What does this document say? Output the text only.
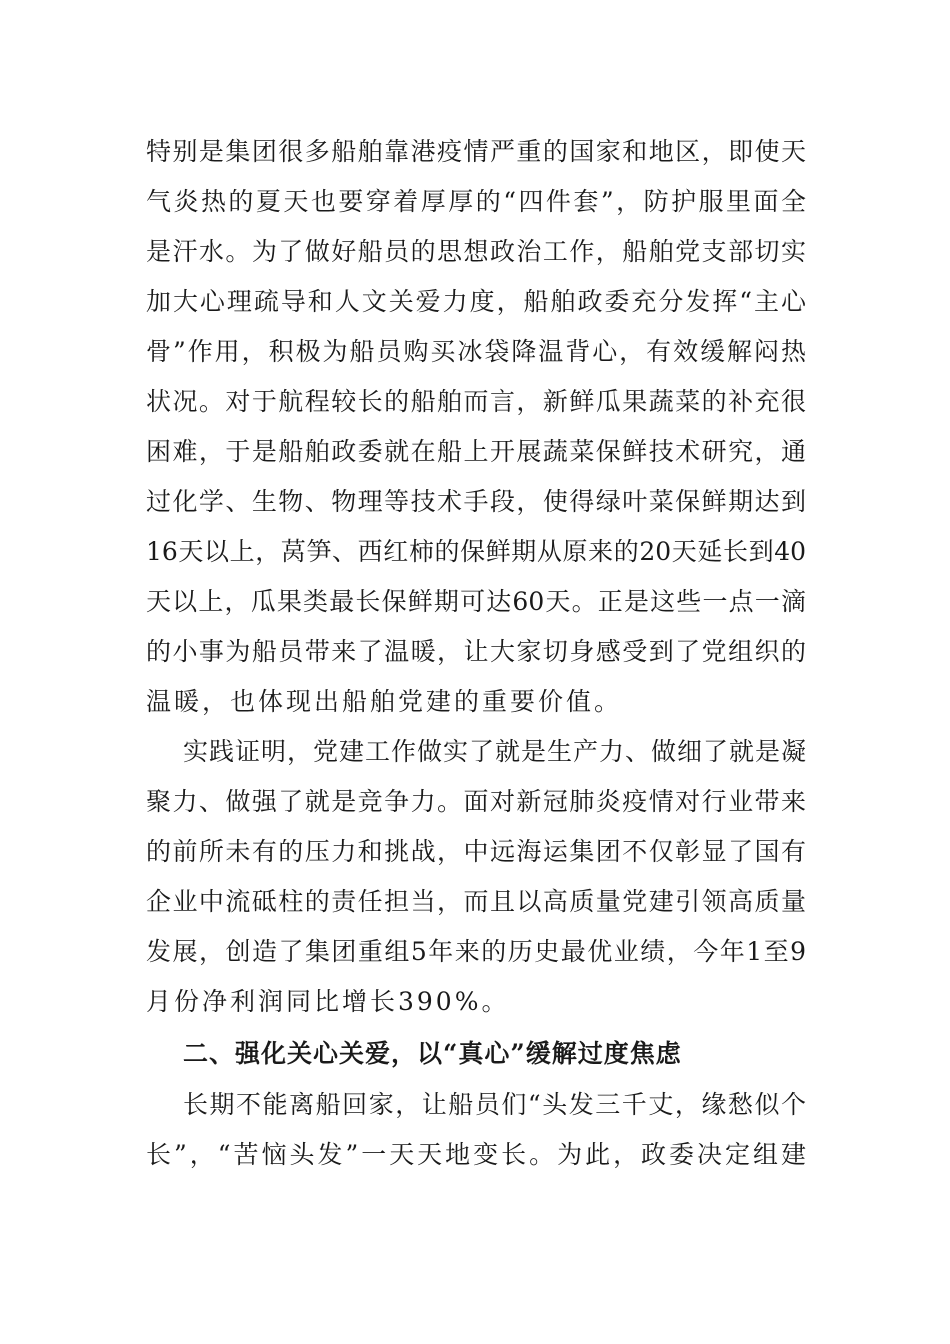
特别是集团很多船舶靠港疫情严重的国家和地区，即使天
气炎热的夏天也要穿着厚厚的“四件套”，防护服里面全
是汗水。为了做好船员的思想政治工作，船舶党支部切实
加大心理疏导和人文关爱力度，船舶政委充分发挥“主心
骨”作用，积极为船员购买冰袋降温背心，有效缓解闷热
状况。对于航程较长的船舶而言，新鲜瓜果蔬菜的补充很
困难，于是船舶政委就在船上开展蔬菜保鲜技术研究，通
过化学、生物、物理等技术手段，使得绿叶菜保鲜期达到
16天以上，莴笋、西红柿的保鲜期从原来的20天延长到40
天以上，瓜果类最长保鲜期可达60天。正是这些一点一滴
的小事为船员带来了温暖，让大家切身感受到了党组织的
温暖，也体现出船舶党建的重要价值。
实践证明，党建工作做实了就是生产力、做细了就是凝
聚力、做强了就是竞争力。面对新冠肺炎疫情对行业带来
的前所未有的压力和挑战，中远海运集团不仅彰显了国有
企业中流砥柱的责任担当，而且以高质量党建引领高质量
发展，创造了集团重组5年来的历史最优业绩，今年1至9
月份净利润同比增长390%。
二、强化关心关爱，以“真心”缓解过度焦虑
长期不能离船回家，让船员们“头发三千丈，缘愁似个
长”，“苦恼头发”一天天地变长。为此，政委决定组建
